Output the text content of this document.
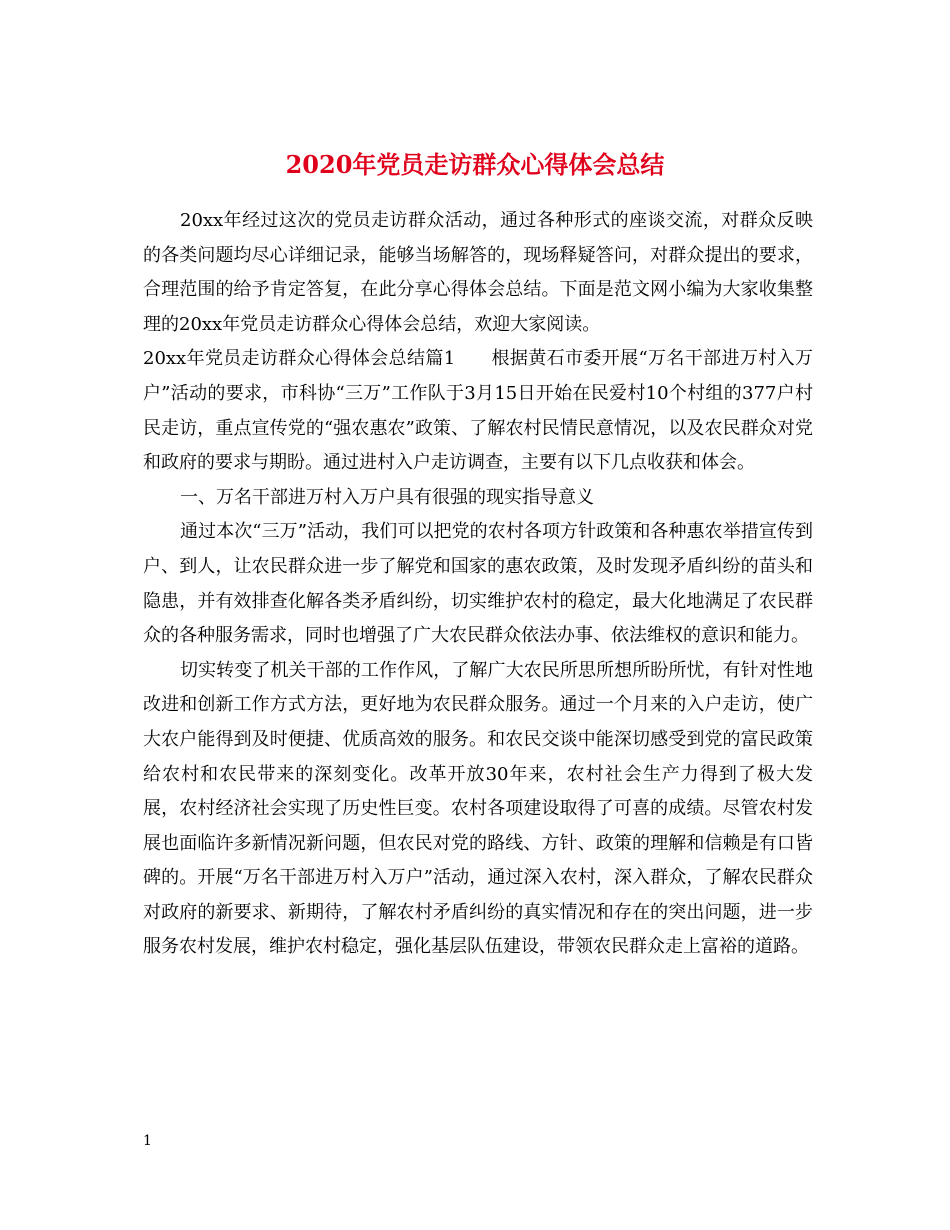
2020年党员走访群众心得体会总结

20xx年经过这次的党员走访群众活动，通过各种形式的座谈交流，对群众反映的各类问题均尽心详细记录，能够当场解答的，现场释疑答问，对群众提出的要求，合理范围的给予肯定答复，在此分享心得体会总结。下面是范文网小编为大家收集整理的20xx年党员走访群众心得体会总结，欢迎大家阅读。

20xx年党员走访群众心得体会总结篇1 根据黄石市委开展“万名干部进万村入万户”活动的要求，市科协“三万”工作队于3月15日开始在民爱村10个村组的377户村民走访，重点宣传党的“强农惠农”政策、了解农村民情民意情况，以及农民群众对党和政府的要求与期盼。通过进村入户走访调查，主要有以下几点收获和体会。

一、万名干部进万村入万户具有很强的现实指导意义

通过本次“三万”活动，我们可以把党的农村各项方针政策和各种惠农举措宣传到户、到人，让农民群众进一步了解党和国家的惠农政策，及时发现矛盾纠纷的苗头和隐患，并有效排查化解各类矛盾纠纷，切实维护农村的稳定，最大化地满足了农民群众的各种服务需求，同时也增强了广大农民群众依法办事、依法维权的意识和能力。

切实转变了机关干部的工作作风，了解广大农民所思所想所盼所忧，有针对性地改进和创新工作方式方法，更好地为农民群众服务。通过一个月来的入户走访，使广大农户能得到及时便捷、优质高效的服务。和农民交谈中能深切感受到党的富民政策给农村和农民带来的深刻变化。改革开放30年来，农村社会生产力得到了极大发展，农村经济社会实现了历史性巨变。农村各项建设取得了可喜的成绩。尽管农村发展也面临许多新情况新问题，但农民对党的路线、方针、政策的理解和信赖是有口皆碑的。开展“万名干部进万村入万户”活动，通过深入农村，深入群众，了解农民群众对政府的新要求、新期待，了解农村矛盾纠纷的真实情况和存在的突出问题，进一步服务农村发展，维护农村稳定，强化基层队伍建设，带领农民群众走上富裕的道路。

1
